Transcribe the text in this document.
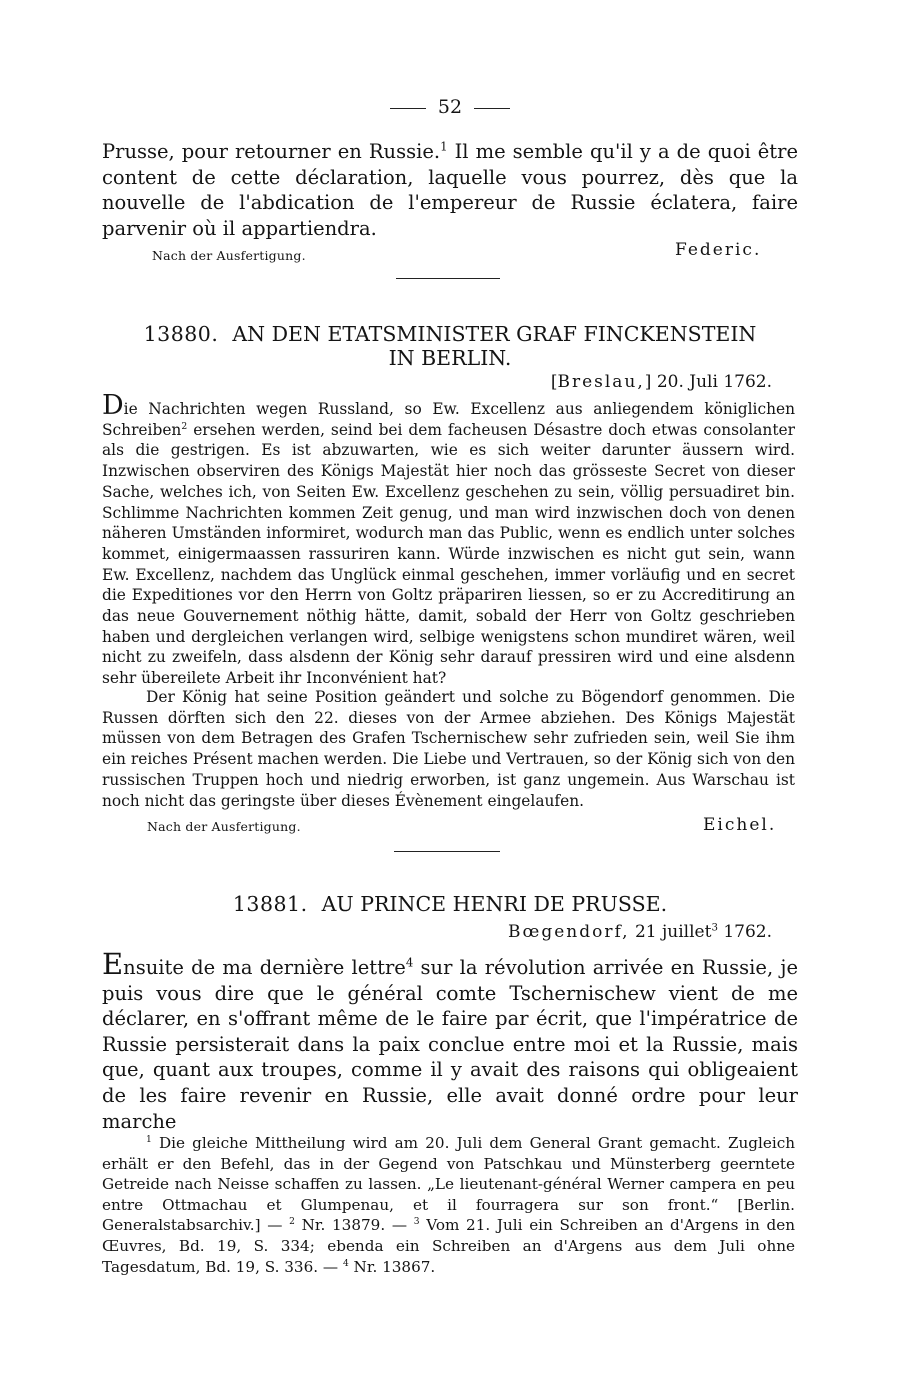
52

Prusse, pour retourner en Russie.$^1$ Il me semble qu'il y a de quoi être content de cette déclaration, laquelle vous pourrez, dès que la nouvelle de l'abdication de l'empereur de Russie éclatera, faire parvenir où il appartiendra.

Nach der Ausfertigung.	Federic.
13880. AN DEN ETATSMINISTER GRAF FINCKENSTEIN
IN BERLIN.
[Breslau,] 20. Juli 1762.

Die Nachrichten wegen Russland, so Ew. Excellenz aus anliegendem königlichen Schreiben$^2$ ersehen werden, seind bei dem facheusen Désastre doch etwas consolanter als die gestrigen. Es ist abzuwarten, wie es sich weiter darunter äussern wird. Inzwischen observiren des Königs Majestät hier noch das grösseste Secret von dieser Sache, welches ich, von Seiten Ew. Excellenz geschehen zu sein, völlig persuadiret bin. Schlimme Nachrichten kommen Zeit genug, und man wird inzwischen doch von denen näheren Umständen informiret, wodurch man das Public, wenn es endlich unter solches kommet, einigermaassen rassuriren kann. Würde inzwischen es nicht gut sein, wann Ew. Excellenz, nachdem das Unglück einmal geschehen, immer vorläufig und en secret die Expeditiones vor den Herrn von Goltz präpariren liessen, so er zu Accreditirung an das neue Gouvernement nöthig hätte, damit, sobald der Herr von Goltz geschrieben haben und dergleichen verlangen wird, selbige wenigstens schon mundiret wären, weil nicht zu zweifeln, dass alsdenn der König sehr darauf pressiren wird und eine alsdenn sehr übereilete Arbeit ihr Inconvénient hat?

Der König hat seine Position geändert und solche zu Bögendorf genommen. Die Russen dörften sich den 22. dieses von der Armee abziehen. Des Königs Majestät müssen von dem Betragen des Grafen Tschernischew sehr zufrieden sein, weil Sie ihm ein reiches Présent machen werden. Die Liebe und Vertrauen, so der König sich von den russischen Truppen hoch und niedrig erworben, ist ganz ungemein. Aus Warschau ist noch nicht das geringste über dieses Évènement eingelaufen.

Nach der Ausfertigung.	Eichel.
13881. AU PRINCE HENRI DE PRUSSE.
Bœgendorf, 21 juillet$^3$ 1762.

Ensuite de ma dernière lettre$^4$ sur la révolution arrivée en Russie, je puis vous dire que le général comte Tschernischew vient de me déclarer, en s'offrant même de le faire par écrit, que l'impératrice de Russie persisterait dans la paix conclue entre moi et la Russie, mais que, quant aux troupes, comme il y avait des raisons qui obligeaient de les faire revenir en Russie, elle avait donné ordre pour leur marche

$^1$ Die gleiche Mittheilung wird am 20. Juli dem General Grant gemacht. Zugleich erhält er den Befehl, das in der Gegend von Patschkau und Münsterberg geerntete Getreide nach Neisse schaffen zu lassen. „Le lieutenant-général Werner campera en peu entre Ottmachau et Glumpenau, et il fourragera sur son front.“ [Berlin. Generalstabsarchiv.] — $^2$ Nr. 13879. — $^3$ Vom 21. Juli ein Schreiben an d'Argens in den Œuvres, Bd. 19, S. 334; ebenda ein Schreiben an d'Argens aus dem Juli ohne Tagesdatum, Bd. 19, S. 336. — $^4$ Nr. 13867.
